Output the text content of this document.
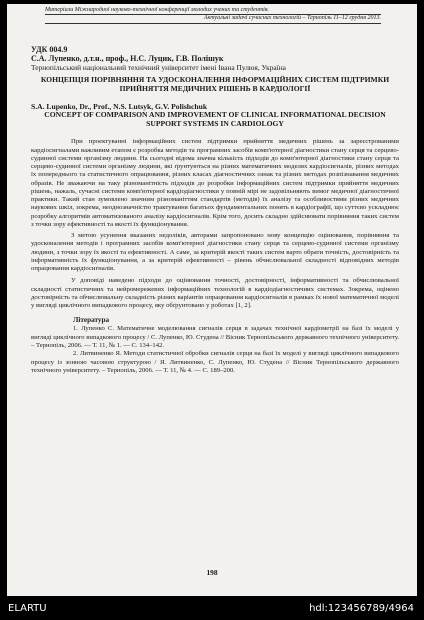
Матеріали Міжнародної науково-технічної конференції молодих учених та студентів.
Актуальні задачі сучасних технологій – Тернопіль 11–12 грудня 2013.
УДК 004.9
С.А. Лупенко, д.т.н., проф., Н.С. Луцик, Г.В. Полішук
Тернопільський національний технічний університет імені Івана Пулюя, Україна
КОНЦЕПЦІЯ ПОРІВНЯННЯ ТА УДОСКОНАЛЕННЯ ІНФОРМАЦІЙНИХ СИСТЕМ ПІДТРИМКИ ПРИЙНЯТТЯ МЕДИЧНИХ РІШЕНЬ В КАРДІОЛОГІЇ
S.A. Lupenko, Dr., Prof., N.S. Lutsyk, G.V. Polishchuk
CONCEPT OF COMPARISON AND IMPROVEMENT OF CLINICAL INFORMATIONAL DECISION SUPPORT SYSTEMS IN CARDIOLOGY
При проектуванні інформаційних систем підтримки прийняття медичних рішень за зареєстрованими кардіосигналами важливим етапом є розробка методів та програмних засобів комп'ютерної діагностики стану серця та серцево-судинної системи організму людини. На сьогодні відома значна кількість підходів до комп'ютерної діагностики стану серця та серцево-судинної системи організму людини, які ґрунтуються на різних математичних моделях кардіосигналів, різних методах їх попереднього та статистичного опрацювання, різних класах діагностичних ознак та різних методах розпізнавання медичних образів. Не зважаючи на таку різноманітність підходів до розробки інформаційних систем підтримки прийняття медичних рішень, нажаль, сучасні системи комп'ютерної кардіодіагностики у повній мірі не задовільняють вимог медичної діагностичної практики. Такий стан зумовлено значним різноманіттям стандартів (методів) їх аналізу та особливостями різних медичних наукових шкіл, зокрема, неоднозначністю трактування багатьох фундаментальних понять в кардіографії, що суттєво ускладнює розробку алгоритмів автоматизованого аналізу кардіосигналів. Крім того, досить складно здійснювати порівняння таких систем з точки зору ефективності та якості їх функціонування.
З метою усунення вказаних недоліків, авторами запропоновано нову концепцію оцінювання, порівняння та удосконалення методів і програмних засобів комп'ютерної діагностики стану серця та серцево-судинної системи організму людини, з точки зору їх якості та ефективності. А саме, за критерій якості таких систем варто обрати точність, достовірність та інформативність їх функціонування, а за критерій ефективності – рівень обчислювальної складності відповідних методів опрацювання кардіосигналів.
У доповіді наведено підходи до оцінювання точності, достовірності, інформативності та обчислювальної складності статистичних та нейромережевих інформаційних технологій в кардіодіагностичних системах. Зокрема, оцінено достовірність та обчислювальну складність різних варіантів опрацювання кардіосигналів в рамках їх нової математичної моделі у вигляді циклічного випадкового процесу, яку обґрунтовано у роботах [1, 2].
Література
1. Лупенко С. Математичне моделювання сигналів серця в задачах технічної кардіометрії на базі їх моделі у вигляді циклічного випадкового процесу / С. Лупенко, Ю. Студена // Вісник Тернопільського державного технічного університету. – Тернопіль, 2006. — Т. 11, № 1. — С. 134–142.
2. Литвиненко Я. Методи статистичної обробки сигналів серця на базі їх моделі у вигляді циклічного випадкового процесу із зонною часовою структурою / Я. Литвиненко, С. Лупенко, Ю. Студена // Вісник Тернопільського державного технічного університету. – Тернопіль, 2006. — Т. 11, № 4. — С. 189–200.
198
ELARTU	hdl:123456789/4964
